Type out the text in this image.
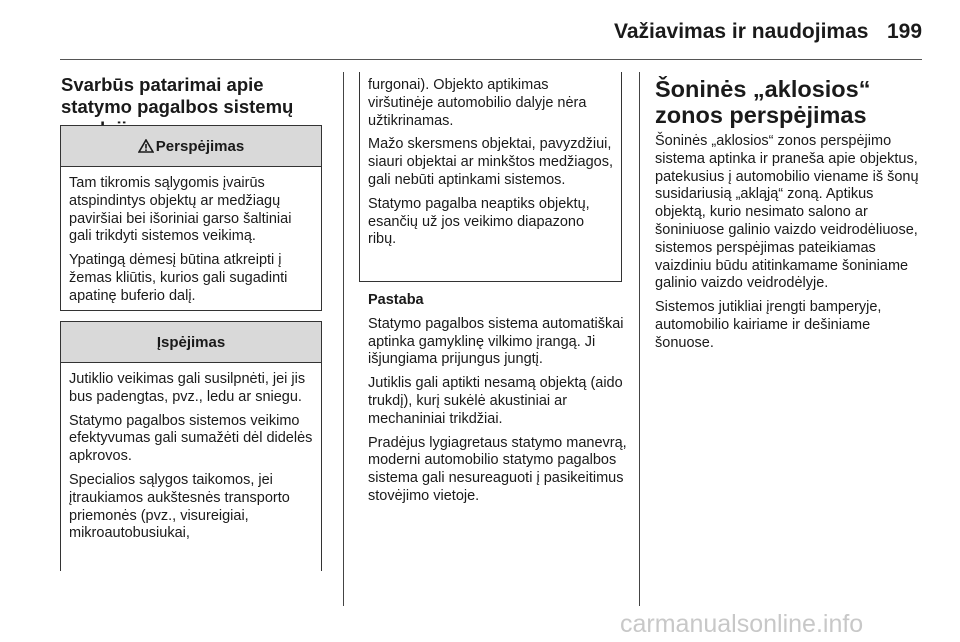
Važiavimas ir naudojimas 199
Svarbūs patarimai apie statymo pagalbos sistemų
Perspėjimas

Tam tikromis sąlygomis įvairūs atspindintys objektų ar medžiagų paviršiai bei išoriniai garso šaltiniai gali trikdyti sistemos veikimą.

Ypatingą dėmesį būtina atkreipti į žemas kliūtis, kurios gali sugadinti apatinę buferio dalį.

Įspėjimas

Jutiklio veikimas gali susilpnėti, jei jis bus padengtas, pvz., ledu ar sniegu.

Statymo pagalbos sistemos veikimo efektyvumas gali sumažėti dėl didelės apkrovos.

Specialios sąlygos taikomos, jei įtraukiamos aukštesnės transporto priemonės (pvz., visureigiai, mikroautobusiukai,

furgonai). Objekto aptikimas viršutinėje automobilio dalyje nėra užtikrinamas.

Mažo skersmens objektai, pavyzdžiui, siauri objektai ar minkštos medžiagos, gali nebūti aptinkami sistemos.

Statymo pagalba neaptiks objektų, esančių už jos veikimo diapazono ribų.

Pastaba

Statymo pagalbos sistema automatiškai aptinka gamyklinę vilkimo įrangą. Ji išjungiama prijungus jungtį.

Jutiklis gali aptikti nesamą objektą (aido trukdį), kurį sukėlė akustiniai ar mechaniniai trikdžiai.

Pradėjus lygiagretaus statymo manevrą, moderni automobilio statymo pagalbos sistema gali nesureaguoti į pasikeitimus stovėjimo vietoje.

Šoninės „aklosios“ zonos perspėjimas

Šoninės „aklosios“ zonos perspėjimo sistema aptinka ir praneša apie objektus, patekusius į automobilio viename iš šonų susidariusią „akląją“ zoną. Aptikus objektą, kurio nesimato salono ar šoniniuose galinio vaizdo veidrodėliuose, sistemos perspėjimas pateikiamas vaizdiniu būdu atitinkamame šoniniame galinio vaizdo veidrodėlyje.

Sistemos jutikliai įrengti bamperyje, automobilio kairiame ir dešiniame šonuose.

carmanualsonline.info
